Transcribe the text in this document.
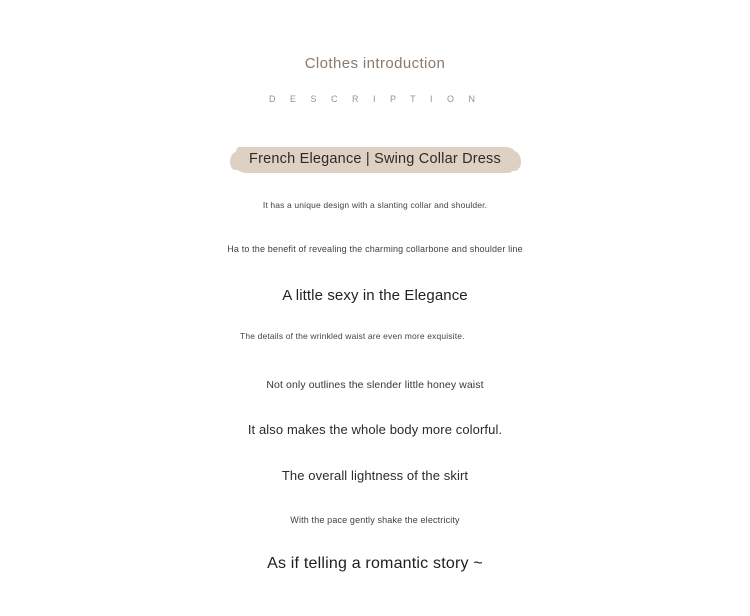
Clothes introduction
D E S C R I P T I O N
French Elegance | Swing Collar Dress
It has a unique design with a slanting collar and shoulder.
Ha to the benefit of revealing the charming collarbone and shoulder line
A little sexy in the Elegance
The details of the wrinkled waist are even more exquisite.
Not only outlines the slender little honey waist
It also makes the whole body more colorful.
The overall lightness of the skirt
With the pace gently shake the electricity
As if telling a romantic story ~
